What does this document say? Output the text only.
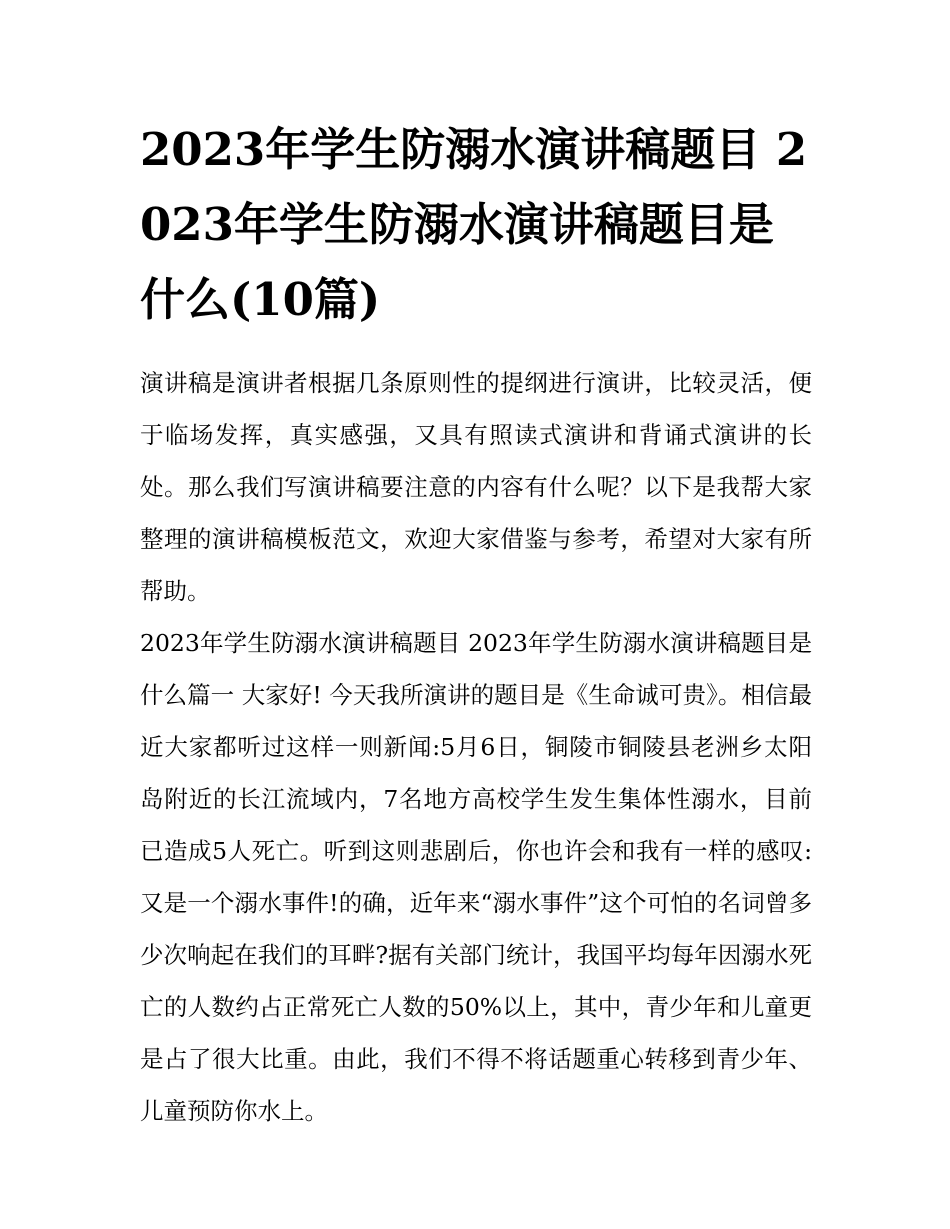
2023年学生防溺水演讲稿题目 2023年学生防溺水演讲稿题目是什么(10篇)

演讲稿是演讲者根据几条原则性的提纲进行演讲，比较灵活，便于临场发挥，真实感强，又具有照读式演讲和背诵式演讲的长处。那么我们写演讲稿要注意的内容有什么呢？以下是我帮大家整理的演讲稿模板范文，欢迎大家借鉴与参考，希望对大家有所帮助。

2023年学生防溺水演讲稿题目 2023年学生防溺水演讲稿题目是什么篇一 大家好! 今天我所演讲的题目是《生命诚可贵》。相信最近大家都听过这样一则新闻:5月6日，铜陵市铜陵县老洲乡太阳岛附近的长江流域内，7名地方高校学生发生集体性溺水，目前已造成5人死亡。听到这则悲剧后，你也许会和我有一样的感叹:又是一个溺水事件!的确，近年来“溺水事件”这个可怕的名词曾多少次响起在我们的耳畔?据有关部门统计，我国平均每年因溺水死亡的人数约占正常死亡人数的50%以上，其中，青少年和儿童更是占了很大比重。由此，我们不得不将话题重心转移到青少年、儿童预防你水上。
